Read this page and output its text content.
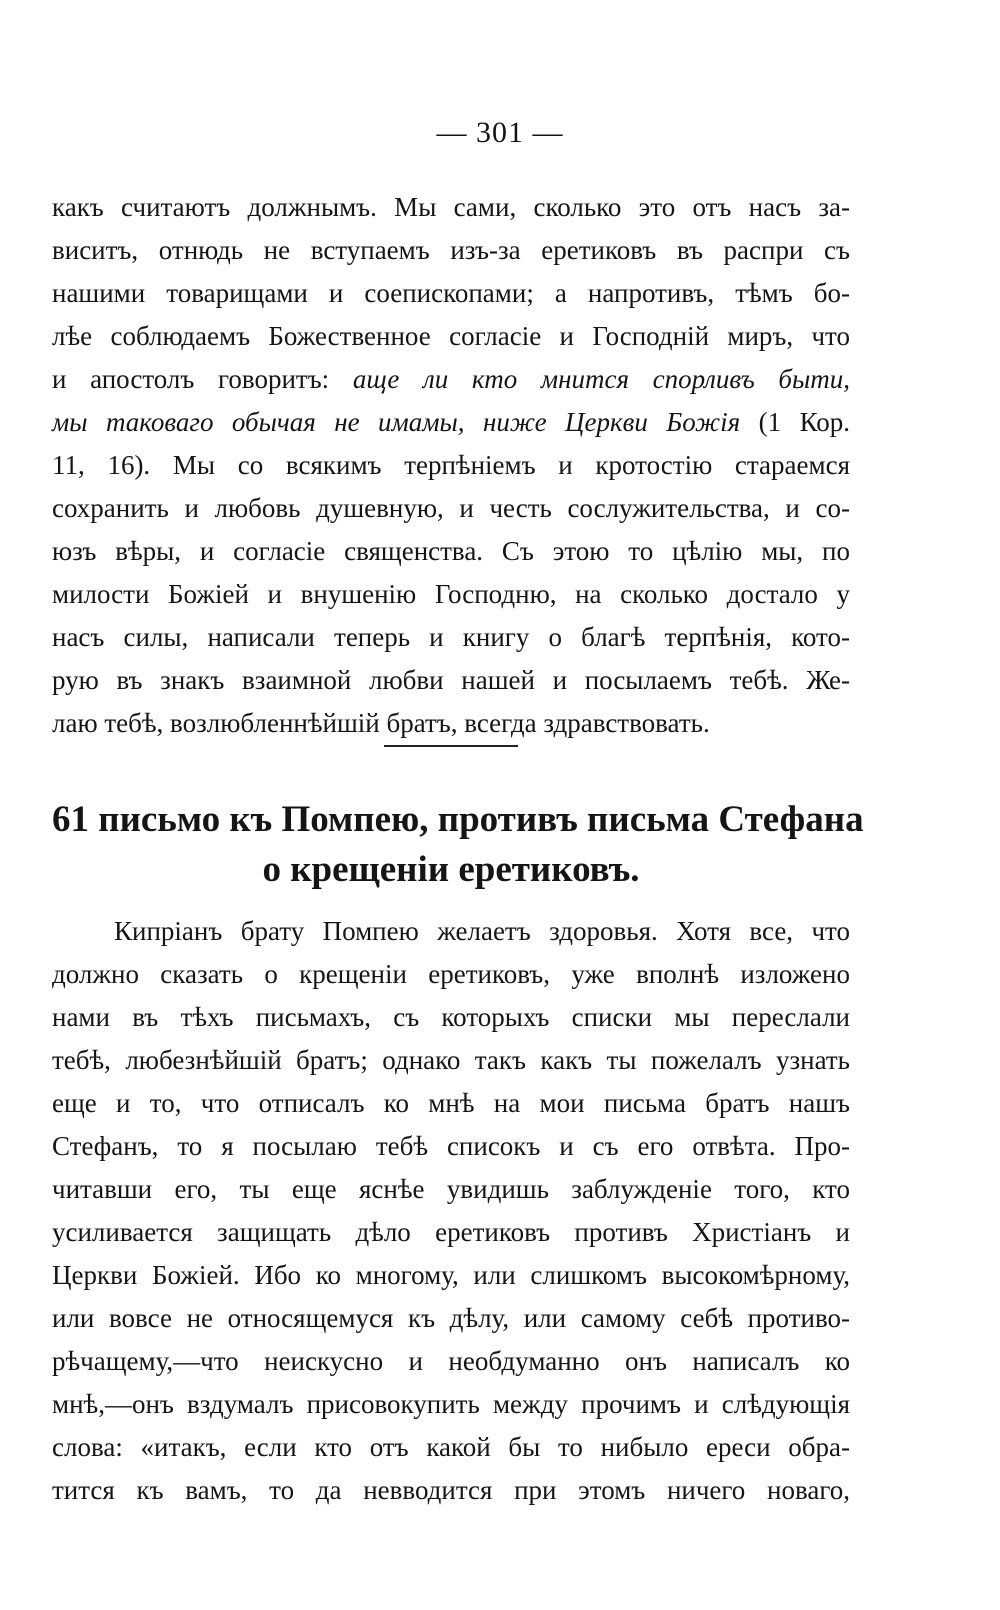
— 301 —
какъ считаютъ должнымъ. Мы сами, сколько это отъ насъ за-
виситъ, отнюдь не вступаемъ изъ-за еретиковъ въ распри съ
нашими товарищами и соепископами; а напротивъ, тѣмъ бо-
лѣе соблюдаемъ Божественное согласіе и Господній миръ, что
и апостолъ говоритъ: аще ли кто мнится спорливъ быти,
мы таковаго обычая не имамы, ниже Церкви Божія (1 Кор.
11, 16). Мы со всякимъ терпѣніемъ и кротостію стараемся
сохранить и любовь душевную, и честь сослужительства, и со-
юзъ вѣры, и согласіе священства. Съ этою то цѣлію мы, по
милости Божіей и внушенію Господню, на сколько достало у
насъ силы, написали теперь и книгу о благѣ терпѣнія, кото-
рую въ знакъ взаимной любви нашей и посылаемъ тебѣ. Же-
лаю тебѣ, возлюбленнѣйшій братъ, всегда здравствовать.
61 письмо къ Помпею, противъ письма Стефана
о крещеніи еретиковъ.
Кипріанъ брату Помпею желаетъ здоровья. Хотя все, что
должно сказать о крещеніи еретиковъ, уже вполнѣ изложено
нами въ тѣхъ письмахъ, съ которыхъ списки мы переслали
тебѣ, любезнѣйшій братъ; однако такъ какъ ты пожелалъ узнать
еще и то, что отписалъ ко мнѣ на мои письма братъ нашъ
Стефанъ, то я посылаю тебѣ списокъ и съ его отвѣта. Про-
читавши его, ты еще яснѣе увидишь заблужденіе того, кто
усиливается защищать дѣло еретиковъ противъ Христіанъ и
Церкви Божіей. Ибо ко многому, или слишкомъ высокомѣрному,
или вовсе не относящемуся къ дѣлу, или самому себѣ противо-
рѣчащему,—что неискусно и необдуманно онъ написалъ ко
мнѣ,—онъ вздумалъ присовокупить между прочимъ и слѣдующія
слова: «итакъ, если кто отъ какой бы то нибыло ереси обра-
тится къ вамъ, то да невводится при этомъ ничего новаго,
